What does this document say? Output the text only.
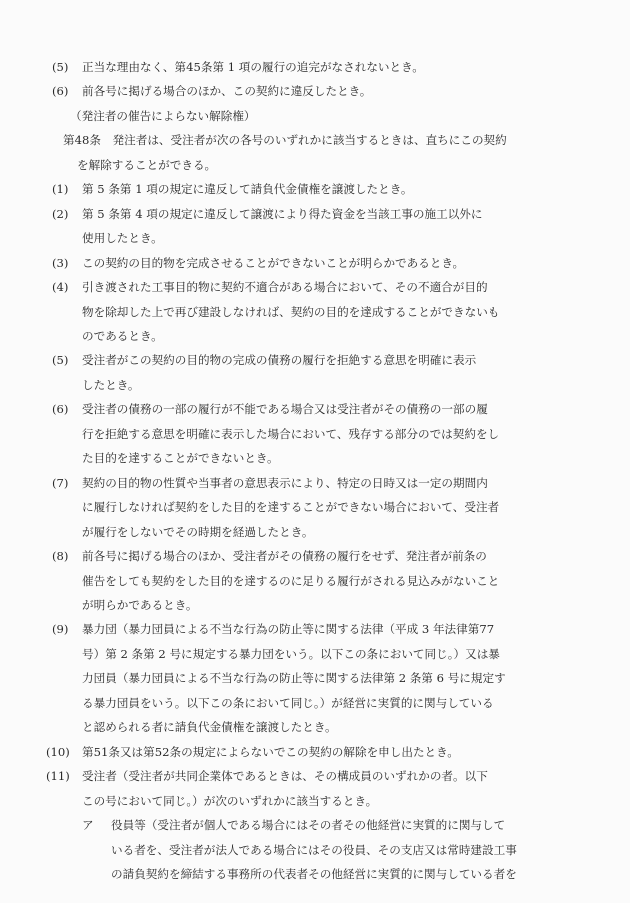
(5) 正当な理由なく、第45条第 1 項の履行の追完がなされないとき。
(6) 前各号に掲げる場合のほか、この契約に違反したとき。
（発注者の催告によらない解除権）
第48条　発注者は、受注者が次の各号のいずれかに該当するときは、直ちにこの契約
を解除することができる。
(1) 第 5 条第 1 項の規定に違反して請負代金債権を譲渡したとき。
(2) 第 5 条第 4 項の規定に違反して譲渡により得た資金を当該工事の施工以外に
使用したとき。
(3) この契約の目的物を完成させることができないことが明らかであるとき。
(4) 引き渡された工事目的物に契約不適合がある場合において、その不適合が目的
物を除却した上で再び建設しなければ、契約の目的を達成することができないも
のであるとき。
(5) 受注者がこの契約の目的物の完成の債務の履行を拒絶する意思を明確に表示
したとき。
(6) 受注者の債務の一部の履行が不能である場合又は受注者がその債務の一部の履
行を拒絶する意思を明確に表示した場合において、残存する部分のでは契約をし
た目的を達することができないとき。
(7) 契約の目的物の性質や当事者の意思表示により、特定の日時又は一定の期間内
に履行しなければ契約をした目的を達することができない場合において、受注者
が履行をしないでその時期を経過したとき。
(8) 前各号に掲げる場合のほか、受注者がその債務の履行をせず、発注者が前条の
催告をしても契約をした目的を達するのに足りる履行がされる見込みがないこと
が明らかであるとき。
(9) 暴力団（暴力団員による不当な行為の防止等に関する法律（平成 3 年法律第77
号）第 2 条第 2 号に規定する暴力団をいう。以下この条において同じ。）又は暴
力団員（暴力団員による不当な行為の防止等に関する法律第 2 条第 6 号に規定す
る暴力団員をいう。以下この条において同じ。）が経営に実質的に関与している
と認められる者に請負代金債権を譲渡したとき。
(10) 第51条又は第52条の規定によらないでこの契約の解除を申し出たとき。
(11) 受注者（受注者が共同企業体であるときは、その構成員のいずれかの者。以下
この号において同じ。）が次のいずれかに該当するとき。
ア 役員等（受注者が個人である場合にはその者その他経営に実質的に関与して
いる者を、受注者が法人である場合にはその役員、その支店又は常時建設工事
の請負契約を締結する事務所の代表者その他経営に実質的に関与している者を
